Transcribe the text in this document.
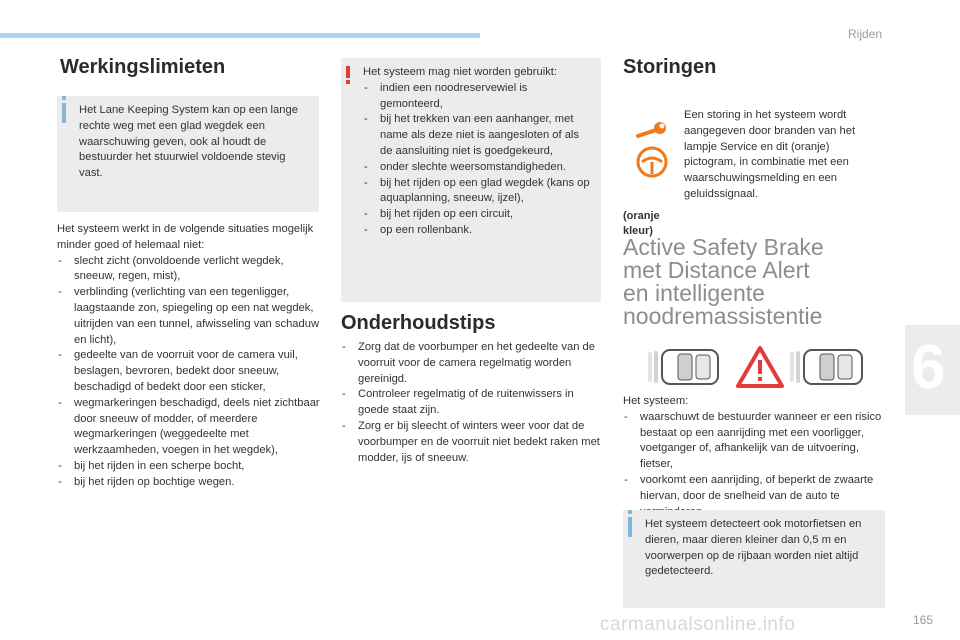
Rijden
Werkingslimieten
Het Lane Keeping System kan op een lange rechte weg met een glad wegdek een waarschuwing geven, ook al houdt de bestuurder het stuurwiel voldoende stevig vast.
Het systeem werkt in de volgende situaties mogelijk minder goed of helemaal niet:
- slecht zicht (onvoldoende verlicht wegdek, sneeuw, regen, mist),
- verblinding (verlichting van een tegenligger, laagstaande zon, spiegeling op een nat wegdek, uitrijden van een tunnel, afwisseling van schaduw en licht),
- gedeelte van de voorruit voor de camera vuil, beslagen, bevroren, bedekt door sneeuw, beschadigd of bedekt door een sticker,
- wegmarkeringen beschadigd, deels niet zichtbaar door sneeuw of modder, of meerdere wegmarkeringen (weggedeelte met werkzaamheden, voegen in het wegdek),
- bij het rijden in een scherpe bocht,
- bij het rijden op bochtige wegen.
Het systeem mag niet worden gebruikt:
- indien een noodreservewiel is gemonteerd,
- bij het trekken van een aanhanger, met name als deze niet is aangesloten of als de aansluiting niet is goedgekeurd,
- onder slechte weersomstandigheden.
- bij het rijden op een glad wegdek (kans op aquaplanning, sneeuw, ijzel),
- bij het rijden op een circuit,
- op een rollenbank.
Onderhoudstips
- Zorg dat de voorbumper en het gedeelte van de voorruit voor de camera regelmatig worden gereinigd.
- Controleer regelmatig of de ruitenwissers in goede staat zijn.
- Zorg er bij sleecht of winters weer voor dat de voorbumper en de voorruit niet bedekt raken met modder, ijs of sneeuw.
Storingen
(oranje
kleur)
Een storing in het systeem wordt aangegeven door branden van het lampje Service en dit (oranje) pictogram, in combinatie met een waarschuwingsmelding en een geluidssignaal.
Active Safety Brake
met Distance Alert
en intelligente
noodremassistentie
Het systeem:
- waarschuwt de bestuurder wanneer er een risico bestaat op een aanrijding met een voorligger, voetganger of, afhankelijk van de uitvoering, fietser,
- voorkomt een aanrijding, of beperkt de zwaarte hiervan, door de snelheid van de auto te
Het systeem detecteert ook motorfietsen en dieren, maar dieren kleiner dan 0,5 m en voorwerpen op de rijbaan worden niet altijd gedetecteerd.
6
carmanualsonline.info	165
